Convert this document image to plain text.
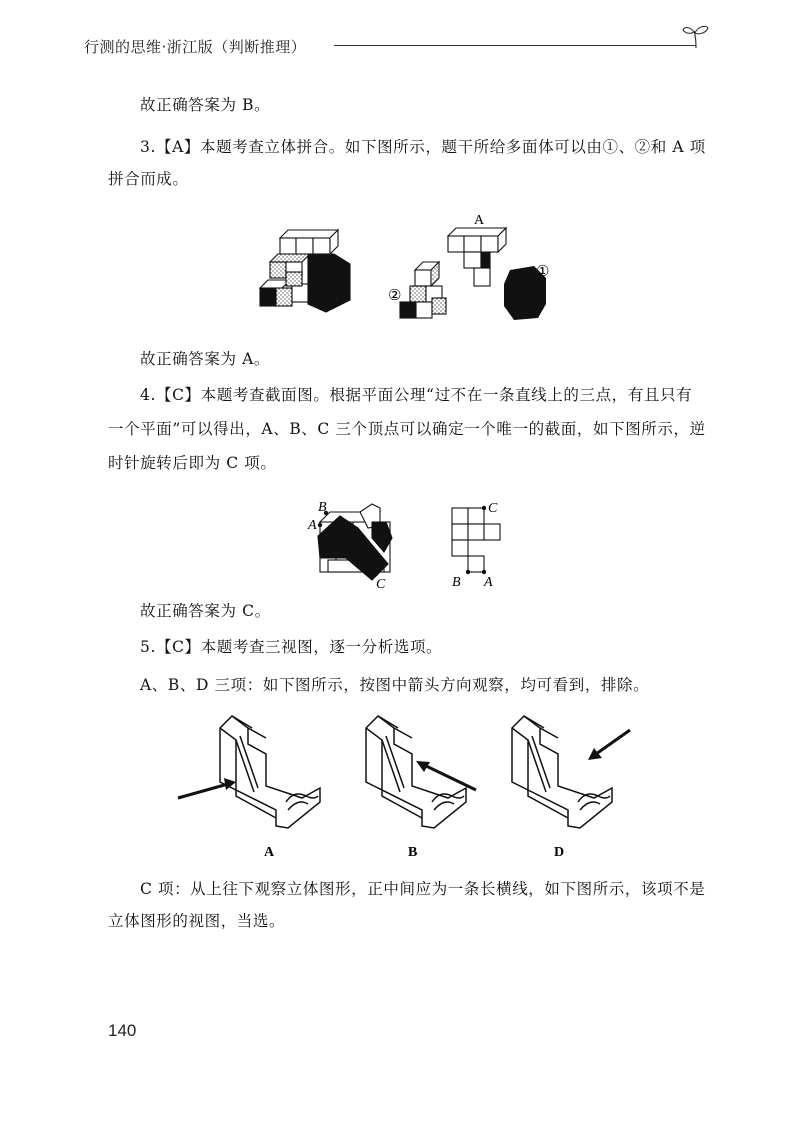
行测的思维·浙江版（判断推理）
故正确答案为 B。
3.【A】本题考查立体拼合。如下图所示，题干所给多面体可以由①、②和 A 项
拼合而成。
②
A
①
故正确答案为 A。
4.【C】本题考查截面图。根据平面公理“过不在一条直线上的三点，有且只有
一个平面”可以得出，A、B、C 三个顶点可以确定一个唯一的截面，如下图所示，逆
时针旋转后即为 C 项。
B
A
C
C
B A
故正确答案为 C。
5.【C】本题考查三视图，逐一分析选项。
A、B、D 三项：如下图所示，按图中箭头方向观察，均可看到，排除。
A	B	D
C 项：从上往下观察立体图形，正中间应为一条长横线，如下图所示，该项不是
立体图形的视图，当选。
140
